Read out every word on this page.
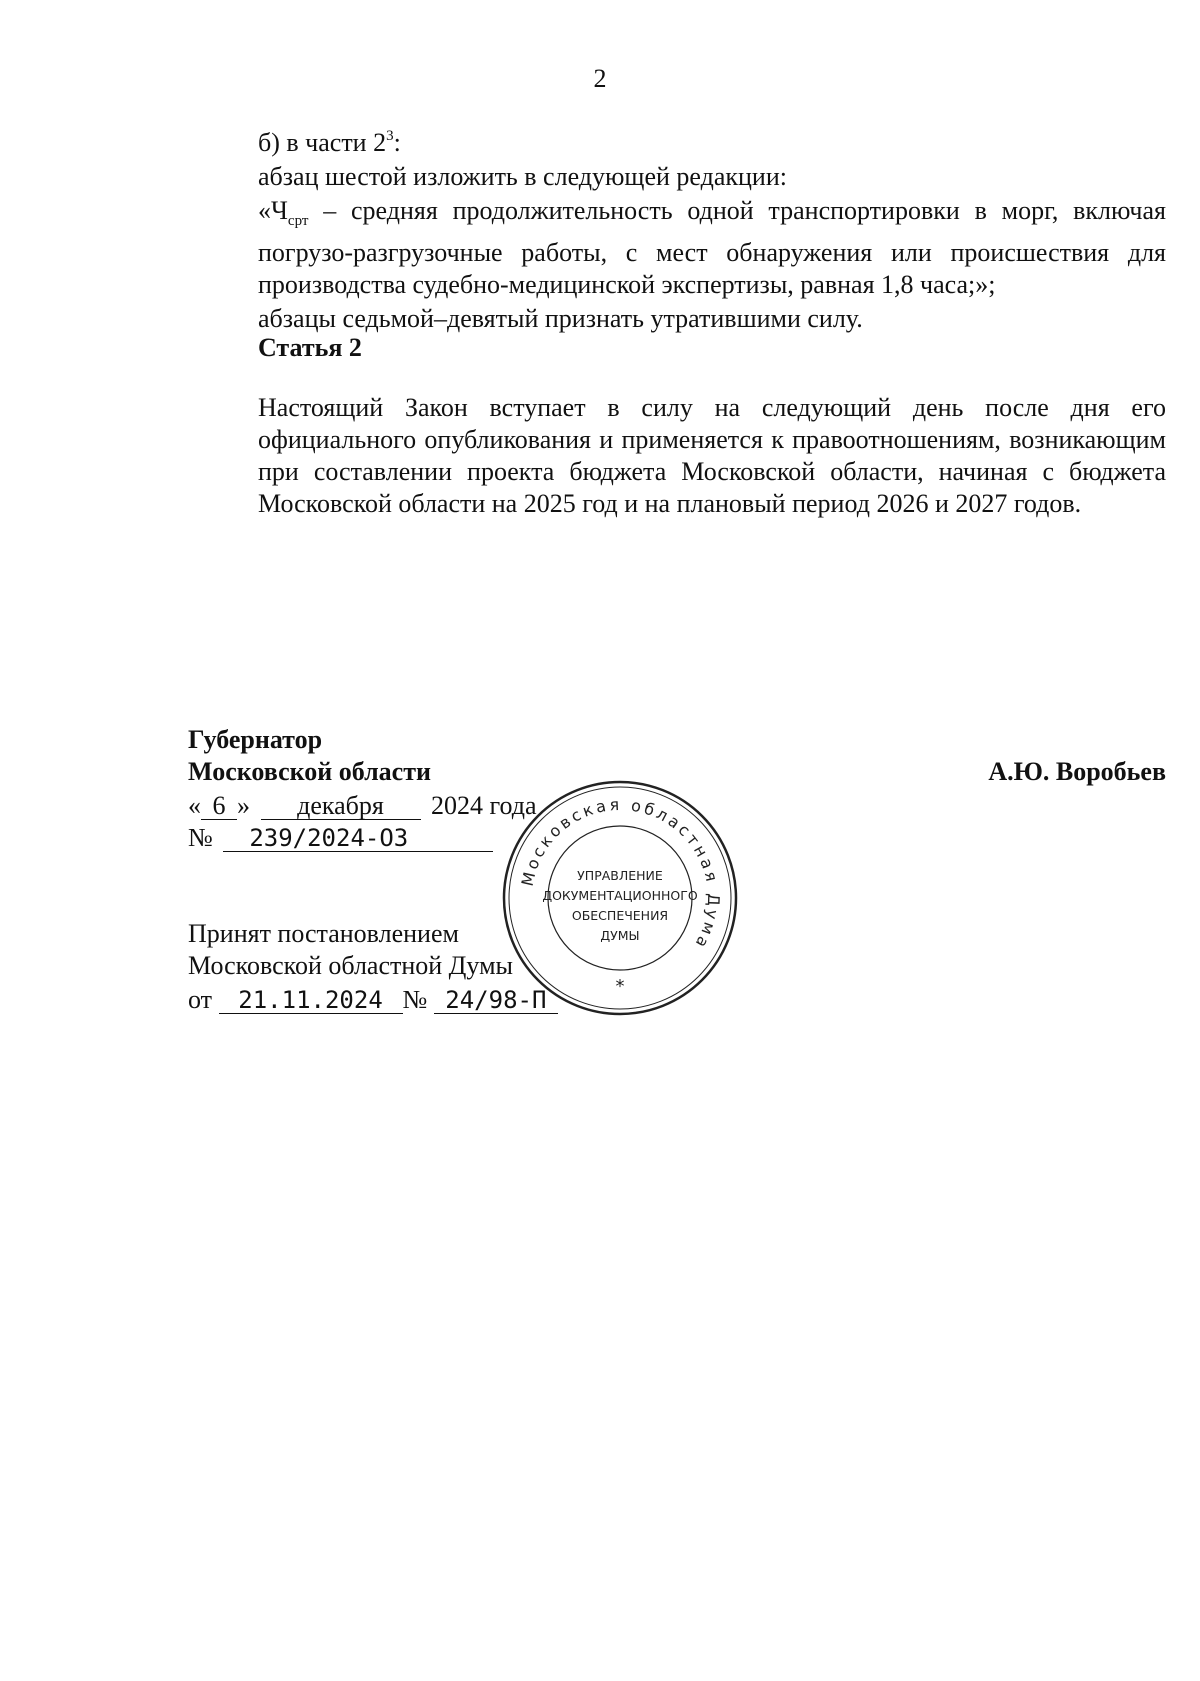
2
б) в части $2^3$:
абзац шестой изложить в следующей редакции:
«$Ч_{срт}$ – средняя продолжительность одной транспортировки в морг, включая погрузо-разгрузочные работы, с мест обнаружения или происшествия для производства судебно-медицинской экспертизы, равная 1,8 часа;»;
абзацы седьмой–девятый признать утратившими силу.
Статья 2
Настоящий Закон вступает в силу на следующий день после дня его официального опубликования и применяется к правоотношениям, возникающим при составлении проекта бюджета Московской области, начиная с бюджета Московской области на 2025 год и на плановый период 2026 и 2027 годов.
Губернатор
Московской области	А.Ю. Воробьев
« 6 » декабря 2024 года
№ 239/2024-ОЗ
Принят постановлением
Московской областной Думы
от 21.11.2024 № 24/98-П
Московская областная Дума
УПРАВЛЕНИЕ
ДОКУМЕНТАЦИОННОГО
ОБЕСПЕЧЕНИЯ
ДУМЫ
*
